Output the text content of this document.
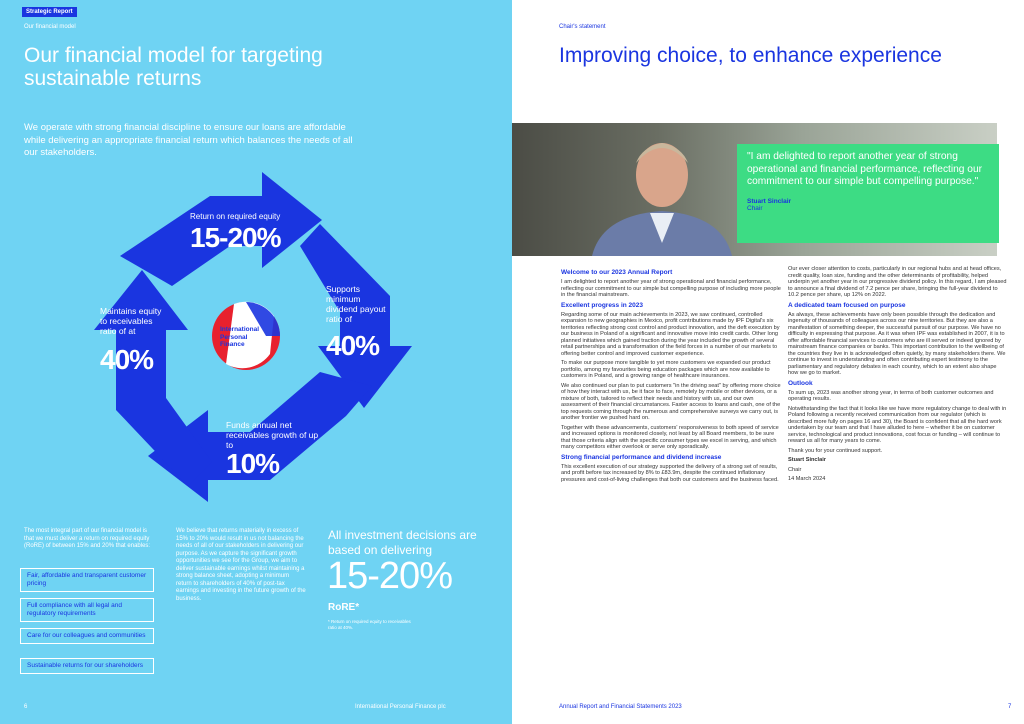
Strategic Report
Our financial model
Our financial model for targeting sustainable returns
We operate with strong financial discipline to ensure our loans are affordable while delivering an appropriate financial return which balances the needs of all our stakeholders.
Return on required equity
15-20%
Supports minimum dividend payout ratio of
40%
Funds annual net receivables growth of up to
10%
Maintains equity to receivables ratio of at
40%
International Personal Finance
The most integral part of our financial model is that we must deliver a return on required equity (RoRE) of between 15% and 20% that enables:
Fair, affordable and transparent customer pricing
Full compliance with all legal and regulatory requirements
Care for our colleagues and communities
Sustainable returns for our shareholders
We believe that returns materially in excess of 15% to 20% would result in us not balancing the needs of all of our stakeholders in delivering our purpose. As we capture the significant growth opportunities we see for the Group, we aim to deliver sustainable earnings whilst maintaining a strong balance sheet, adopting a minimum return to shareholders of 40% of post-tax earnings and investing in the future growth of the business.
All investment decisions are based on delivering
15-20%
RoRE*
* Return on required equity to receivables ratio at 40%.
6	International Personal Finance plc
Chair's statement
Improving choice, to enhance experience
"I am delighted to report another year of strong operational and financial performance, reflecting our commitment to our simple but compelling purpose."
Stuart Sinclair
Chair
Welcome to our 2023 Annual Report

I am delighted to report another year of strong operational and financial performance, reflecting our commitment to our simple but compelling purpose of including more people in the financial mainstream.

Excellent progress in 2023

Regarding some of our main achievements in 2023, we saw continued, controlled expansion to new geographies in Mexico, profit contributions made by IPF Digital's six territories reflecting strong cost control and product innovation, and the deft execution by our business in Poland of a significant and innovative move into credit cards. Other long planned initiatives which gained traction during the year included the growth of several retail partnerships and a transformation of the field forces in a number of our markets to offering better control and improved customer experience.

To make our purpose more tangible to yet more customers we expanded our product portfolio, among my favourites being education packages which are now available to customers in Poland, and a growing range of healthcare insurances.

We also continued our plan to put customers "in the driving seat" by offering more choice of how they interact with us, be it face to face, remotely by mobile or other devices, or a mixture of both, tailored to reflect their needs and history with us, and our own assessment of their financial circumstances. Faster access to loans and cash, one of the top requests coming through the numerous and comprehensive surveys we carry out, is another frontier we pushed hard on.

Together with these advancements, customers' responsiveness to both speed of service and increased options is monitored closely, not least by all Board members, to be sure that those criteria align with the specific consumer types we excel in serving, and which many competitors either overlook or serve only sporadically.

Strong financial performance and dividend increase

This excellent execution of our strategy supported the delivery of a strong set of results, and profit before tax increased by 8% to £83.9m, despite the continued inflationary pressures and cost-of-living challenges that both our customers and the business faced.

Our ever closer attention to costs, particularly in our regional hubs and at head offices, credit quality, loan size, funding and the other determinants of profitability, helped underpin yet another year in our progressive dividend policy. In this regard, I am pleased to announce a final dividend of 7.2 pence per share, bringing the full-year dividend to 10.2 pence per share, up 12% on 2022.

A dedicated team focused on purpose

As always, these achievements have only been possible through the dedication and ingenuity of thousands of colleagues across our nine territories. But they are also a manifestation of something deeper, the successful pursuit of our purpose. We have no difficulty in expressing that purpose. As it was when IPF was established in 2007, it is to offer affordable financial services to customers who are ill served or indeed ignored by mainstream finance companies or banks. This important contribution to the wellbeing of the countries they live in is acknowledged often quietly, by many stakeholders there. We continue to invest in understanding and often contributing expert testimony to the parliamentary and regulatory debates in each country, which to an extent also shape how we go to market.

Outlook

To sum up, 2023 was another strong year, in terms of both customer outcomes and operating results.

Notwithstanding the fact that it looks like we have more regulatory change to deal with in Poland following a recently received communication from our regulator (which is described more fully on pages 16 and 30), the Board is confident that all the hard work undertaken by our team and that I have alluded to here – whether it be on customer service, technological and product innovations, cost focus or funding – will continue to reward us all for many years to come.

Thank you for your continued support.

Stuart Sinclair

Chair

14 March 2024

Annual Report and Financial Statements 2023	7
